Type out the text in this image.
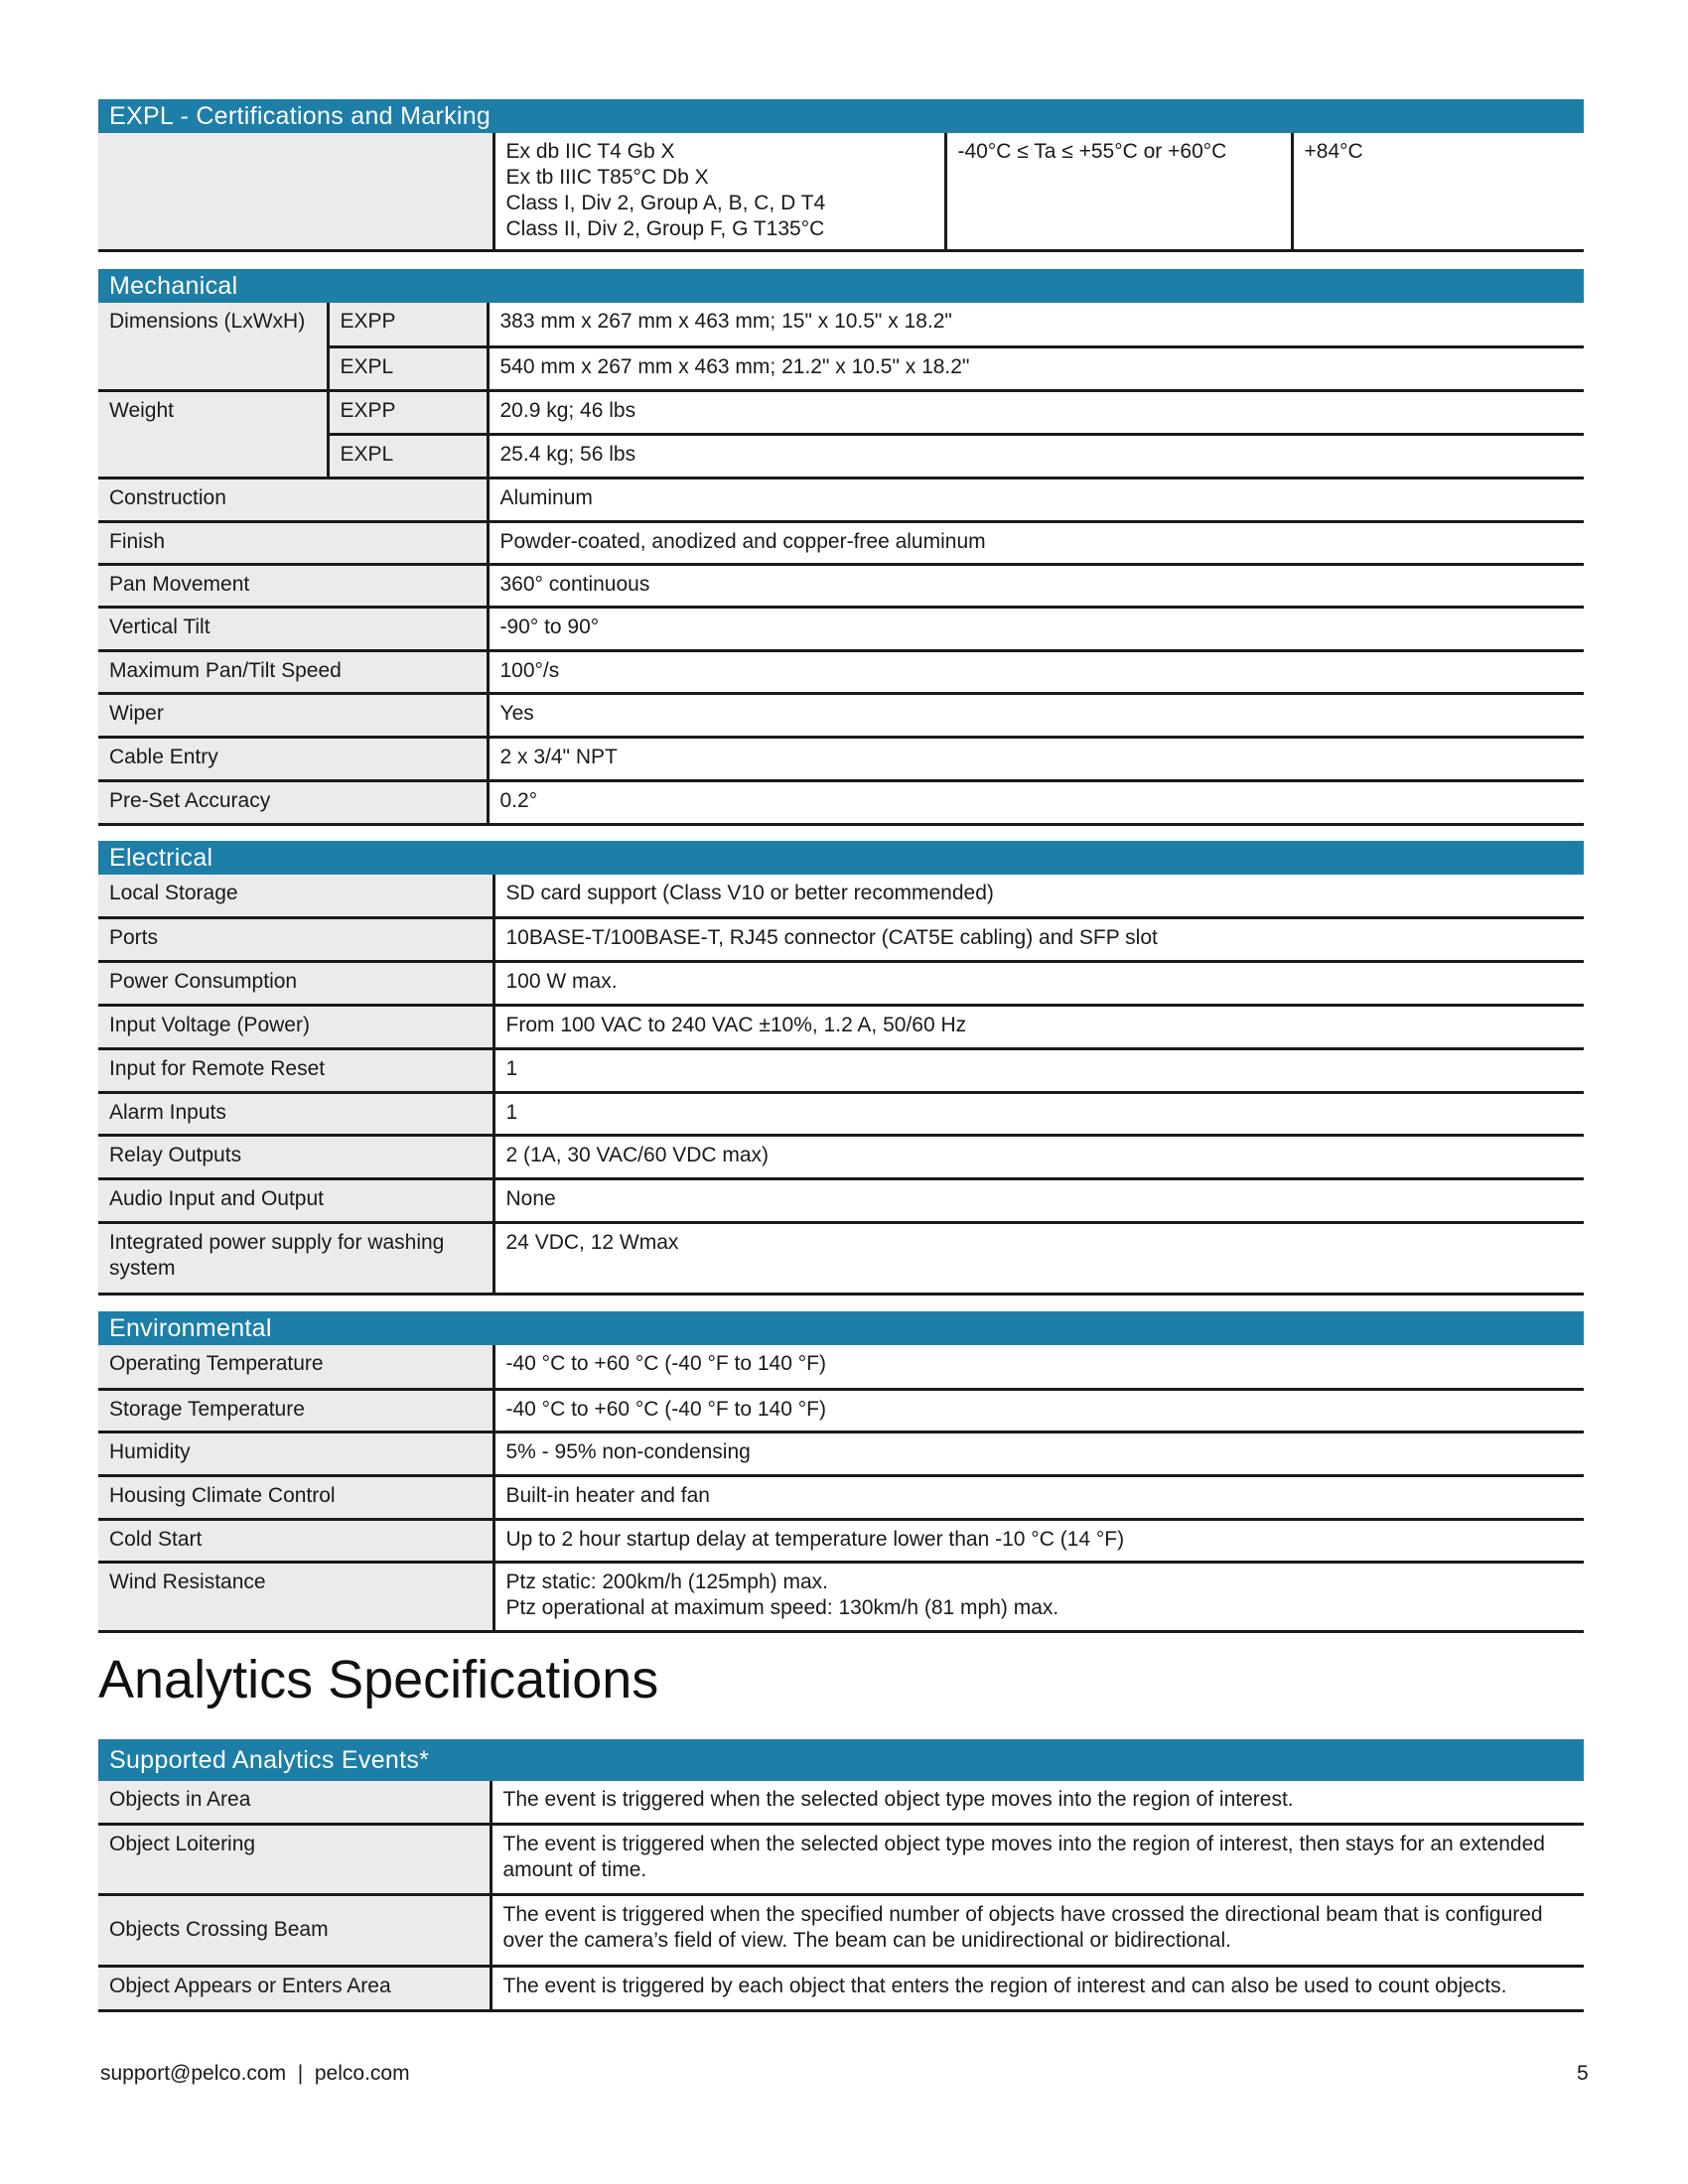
EXPL - Certifications and Marking
	Ex db IIC T4 Gb X
Ex tb IIIC T85°C Db X
Class I, Div 2, Group A, B, C, D T4
Class II, Div 2, Group F, G T135°C	-40°C ≤ Ta ≤ +55°C or +60°C	+84°C
Mechanical
Dimensions (LxWxH)	EXPP	383 mm x 267 mm x 463 mm; 15" x 10.5" x 18.2"
	EXPL	540 mm x 267 mm x 463 mm; 21.2" x 10.5" x 18.2"
Weight	EXPP	20.9 kg; 46 lbs
	EXPL	25.4 kg; 56 lbs
Construction		Aluminum
Finish		Powder-coated, anodized and copper-free aluminum
Pan Movement		360° continuous
Vertical Tilt		-90° to 90°
Maximum Pan/Tilt Speed		100°/s
Wiper		Yes
Cable Entry		2 x 3/4" NPT
Pre-Set Accuracy		0.2°
Electrical
Local Storage	SD card support (Class V10 or better recommended)
Ports	10BASE-T/100BASE-T, RJ45 connector (CAT5E cabling) and SFP slot
Power Consumption	100 W max.
Input Voltage (Power)	From 100 VAC to 240 VAC ±10%, 1.2 A, 50/60 Hz
Input for Remote Reset	1
Alarm Inputs	1
Relay Outputs	2 (1A, 30 VAC/60 VDC max)
Audio Input and Output	None
Integrated power supply for washing system	24 VDC, 12 Wmax
Environmental
Operating Temperature	-40 °C to +60 °C (-40 °F to 140 °F)
Storage Temperature	-40 °C to +60 °C (-40 °F to 140 °F)
Humidity	5% - 95% non-condensing
Housing Climate Control	Built-in heater and fan
Cold Start	Up to 2 hour startup delay at temperature lower than -10 °C (14 °F)
Wind Resistance	Ptz static: 200km/h (125mph) max.
Ptz operational at maximum speed: 130km/h (81 mph) max.
Analytics Specifications
Supported Analytics Events*
Objects in Area	The event is triggered when the selected object type moves into the region of interest.
Object Loitering	The event is triggered when the selected object type moves into the region of interest, then stays for an extended amount of time.
Objects Crossing Beam	The event is triggered when the specified number of objects have crossed the directional beam that is configured over the camera’s field of view. The beam can be unidirectional or bidirectional.
Object Appears or Enters Area	The event is triggered by each object that enters the region of interest and can also be used to count objects.
support@pelco.com  |  pelco.com	5
